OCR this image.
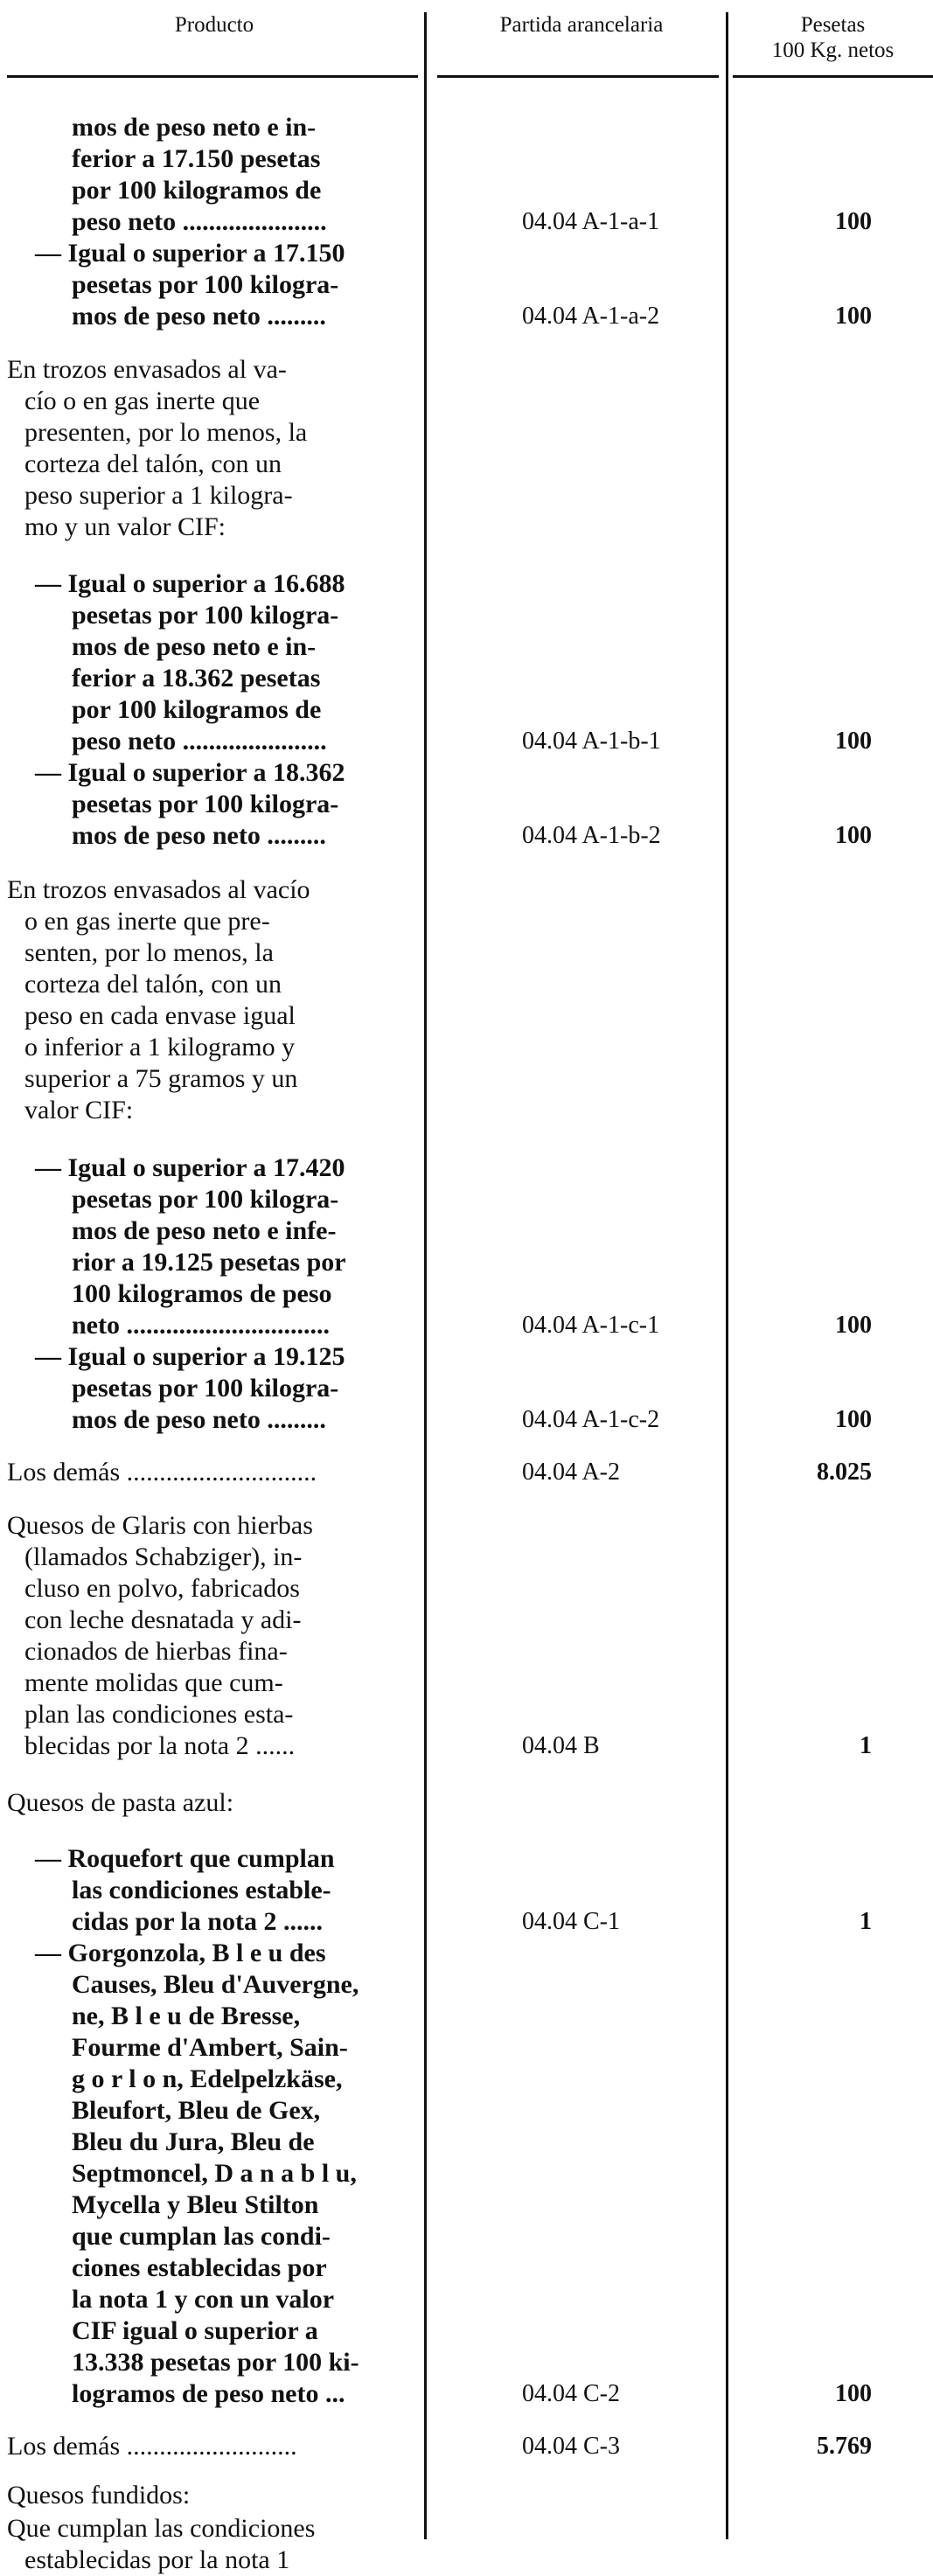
Producto	Partida arancelaria	Pesetas
100 Kg. netos
mos de peso neto e in-
ferior a 17.150 pesetas
por 100 kilogramos de
peso neto ......................
— Igual o superior a 17.150
pesetas por 100 kilogra-
mos de peso neto .........
En trozos envasados al va-
cío o en gas inerte que
presenten, por lo menos, la
corteza del talón, con un
peso superior a 1 kilogra-
mo y un valor CIF:
— Igual o superior a 16.688
pesetas por 100 kilogra-
mos de peso neto e in-
ferior a 18.362 pesetas
por 100 kilogramos de
peso neto ......................
— Igual o superior a 18.362
pesetas por 100 kilogra-
mos de peso neto .........
En trozos envasados al vacío
o en gas inerte que pre-
senten, por lo menos, la
corteza del talón, con un
peso en cada envase igual
o inferior a 1 kilogramo y
superior a 75 gramos y un
valor CIF:
— Igual o superior a 17.420
pesetas por 100 kilogra-
mos de peso neto e infe-
rior a 19.125 pesetas por
100 kilogramos de peso
neto ...............................
— Igual o superior a 19.125
pesetas por 100 kilogra-
mos de peso neto .........
Los demás .............................
Quesos de Glaris con hierbas
(llamados Schabziger), in-
cluso en polvo, fabricados
con leche desnatada y adi-
cionados de hierbas fina-
mente molidas que cum-
plan las condiciones esta-
blecidas por la nota 2 ......
Quesos de pasta azul:
— Roquefort que cumplan
las condiciones estable-
cidas por la nota 2 ......
— Gorgonzola, B l e u des
Causes, Bleu d'Auvergne,
ne, B l e u de Bresse,
Fourme d'Ambert, Sain-
g o r l o n, Edelpelzkäse,
Bleufort, Bleu de Gex,
Bleu du Jura, Bleu de
Septmoncel, D a n a b l u,
Mycella y Bleu Stilton
que cumplan las condi-
ciones establecidas por
la nota 1 y con un valor
CIF igual o superior a
13.338 pesetas por 100 ki-
logramos de peso neto ...
Los demás ..........................
Quesos fundidos:
Que cumplan las condiciones
establecidas por la nota 1
04.04 A-1-a-1
04.04 A-1-a-2
04.04 A-1-b-1
04.04 A-1-b-2
04.04 A-1-c-1
04.04 A-1-c-2
04.04 A-2
04.04 B
04.04 C-1
04.04 C-2
04.04 C-3
100
100
100
100
100
100
8.025
1
1
100
5.769
